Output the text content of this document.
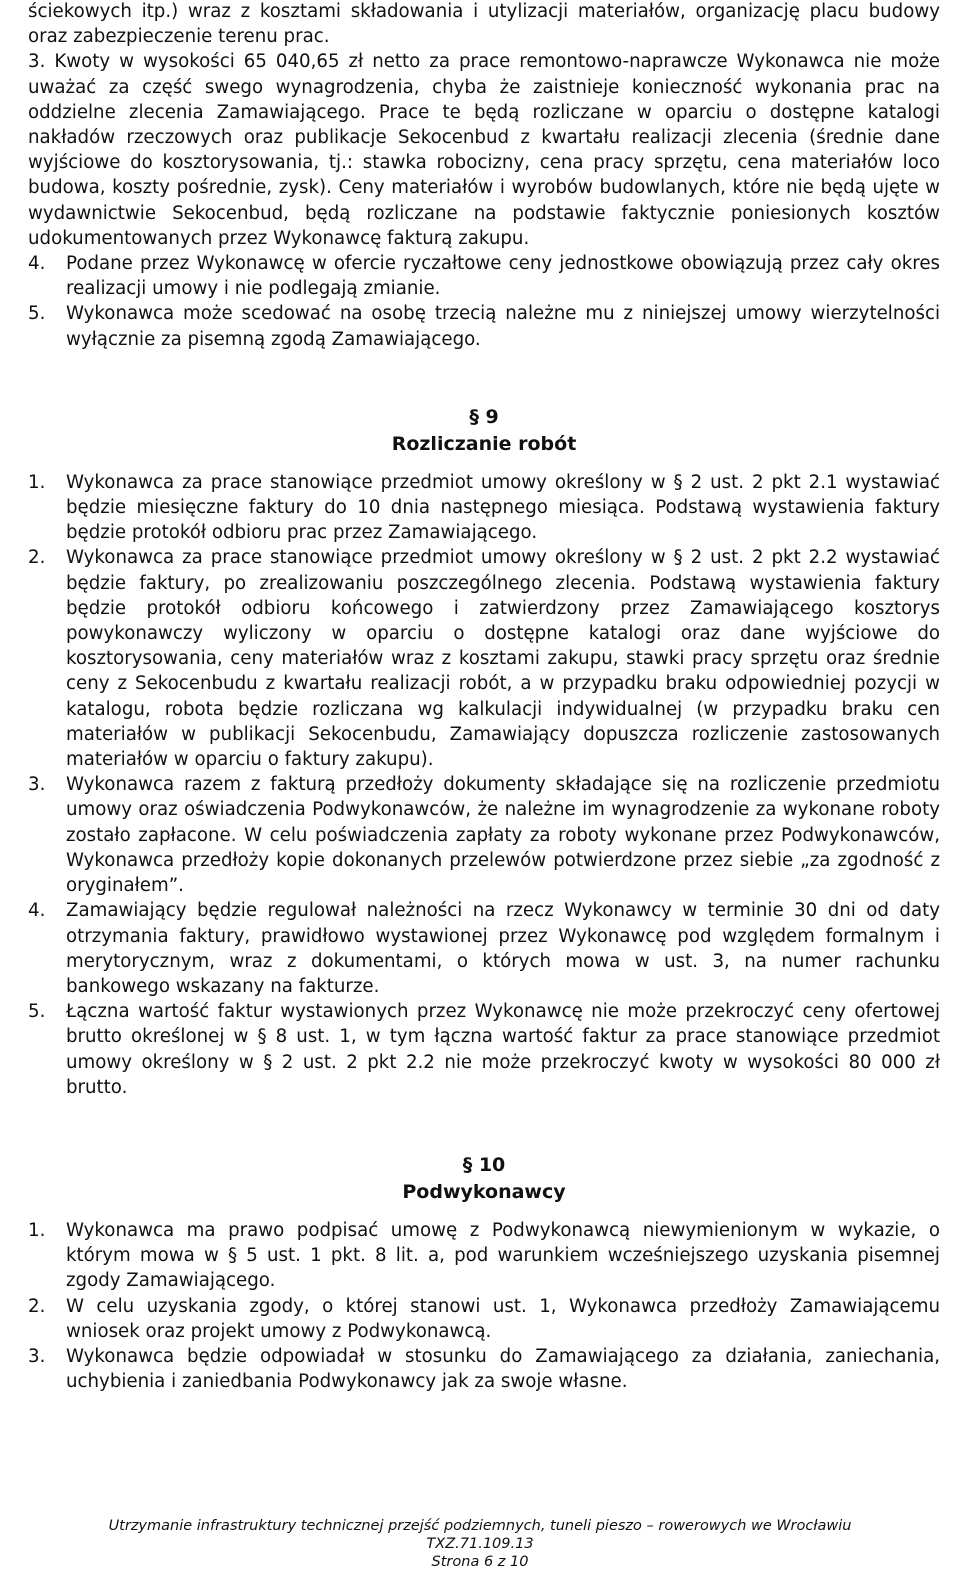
ściekowych itp.) wraz z kosztami składowania i utylizacji materiałów, organizację placu budowy oraz zabezpieczenie terenu prac.

3. Kwoty w wysokości 65 040,65 zł netto za prace remontowo-naprawcze Wykonawca nie może uważać za część swego wynagrodzenia, chyba że zaistnieje konieczność wykonania prac na oddzielne zlecenia Zamawiającego. Prace te będą rozliczane w oparciu o dostępne katalogi nakładów rzeczowych oraz publikacje Sekocenbud z kwartału realizacji zlecenia (średnie dane wyjściowe do kosztorysowania, tj.: stawka robocizny, cena pracy sprzętu, cena materiałów loco budowa, koszty pośrednie, zysk). Ceny materiałów i wyrobów budowlanych, które nie będą ujęte w wydawnictwie Sekocenbud, będą rozliczane na podstawie faktycznie poniesionych kosztów udokumentowanych przez Wykonawcę fakturą zakupu.
4. Podane przez Wykonawcę w ofercie ryczałtowe ceny jednostkowe obowiązują przez cały okres realizacji umowy i nie podlegają zmianie.
5. Wykonawca może scedować na osobę trzecią należne mu z niniejszej umowy wierzytelności wyłącznie za pisemną zgodą Zamawiającego.
§ 9
Rozliczanie robót
1. Wykonawca za prace stanowiące przedmiot umowy określony w § 2 ust. 2 pkt 2.1 wystawiać będzie miesięczne faktury do 10 dnia następnego miesiąca. Podstawą wystawienia faktury będzie protokół odbioru prac przez Zamawiającego.
2. Wykonawca za prace stanowiące przedmiot umowy określony w § 2 ust. 2 pkt 2.2 wystawiać będzie faktury, po zrealizowaniu poszczególnego zlecenia. Podstawą wystawienia faktury będzie protokół odbioru końcowego i zatwierdzony przez Zamawiającego kosztorys powykonawczy wyliczony w oparciu o dostępne katalogi oraz dane wyjściowe do kosztorysowania, ceny materiałów wraz z kosztami zakupu, stawki pracy sprzętu oraz średnie ceny z Sekocenbudu z kwartału realizacji robót, a w przypadku braku odpowiedniej pozycji w katalogu, robota będzie rozliczana wg kalkulacji indywidualnej (w przypadku braku cen materiałów w publikacji Sekocenbudu, Zamawiający dopuszcza rozliczenie zastosowanych materiałów w oparciu o faktury zakupu).
3. Wykonawca razem z fakturą przedłoży dokumenty składające się na rozliczenie przedmiotu umowy oraz oświadczenia Podwykonawców, że należne im wynagrodzenie za wykonane roboty zostało zapłacone. W celu poświadczenia zapłaty za roboty wykonane przez Podwykonawców, Wykonawca przedłoży kopie dokonanych przelewów potwierdzone przez siebie „za zgodność z oryginałem”.
4. Zamawiający będzie regulował należności na rzecz Wykonawcy w terminie 30 dni od daty otrzymania faktury, prawidłowo wystawionej przez Wykonawcę pod względem formalnym i merytorycznym, wraz z dokumentami, o których mowa w ust. 3, na numer rachunku bankowego wskazany na fakturze.
5. Łączna wartość faktur wystawionych przez Wykonawcę nie może przekroczyć ceny ofertowej brutto określonej w § 8 ust. 1, w tym łączna wartość faktur za prace stanowiące przedmiot umowy określony w § 2 ust. 2 pkt 2.2 nie może przekroczyć kwoty w wysokości 80 000 zł brutto.
§ 10
Podwykonawcy
1. Wykonawca ma prawo podpisać umowę z Podwykonawcą niewymienionym w wykazie, o którym mowa w § 5 ust. 1 pkt. 8 lit. a, pod warunkiem wcześniejszego uzyskania pisemnej zgody Zamawiającego.
2. W celu uzyskania zgody, o której stanowi ust. 1, Wykonawca przedłoży Zamawiającemu wniosek oraz projekt umowy z Podwykonawcą.
3. Wykonawca będzie odpowiadał w stosunku do Zamawiającego za działania, zaniechania, uchybienia i zaniedbania Podwykonawcy jak za swoje własne.
Utrzymanie infrastruktury technicznej przejść podziemnych, tuneli pieszo – rowerowych we Wrocławiu
TXZ.71.109.13
Strona 6 z 10
